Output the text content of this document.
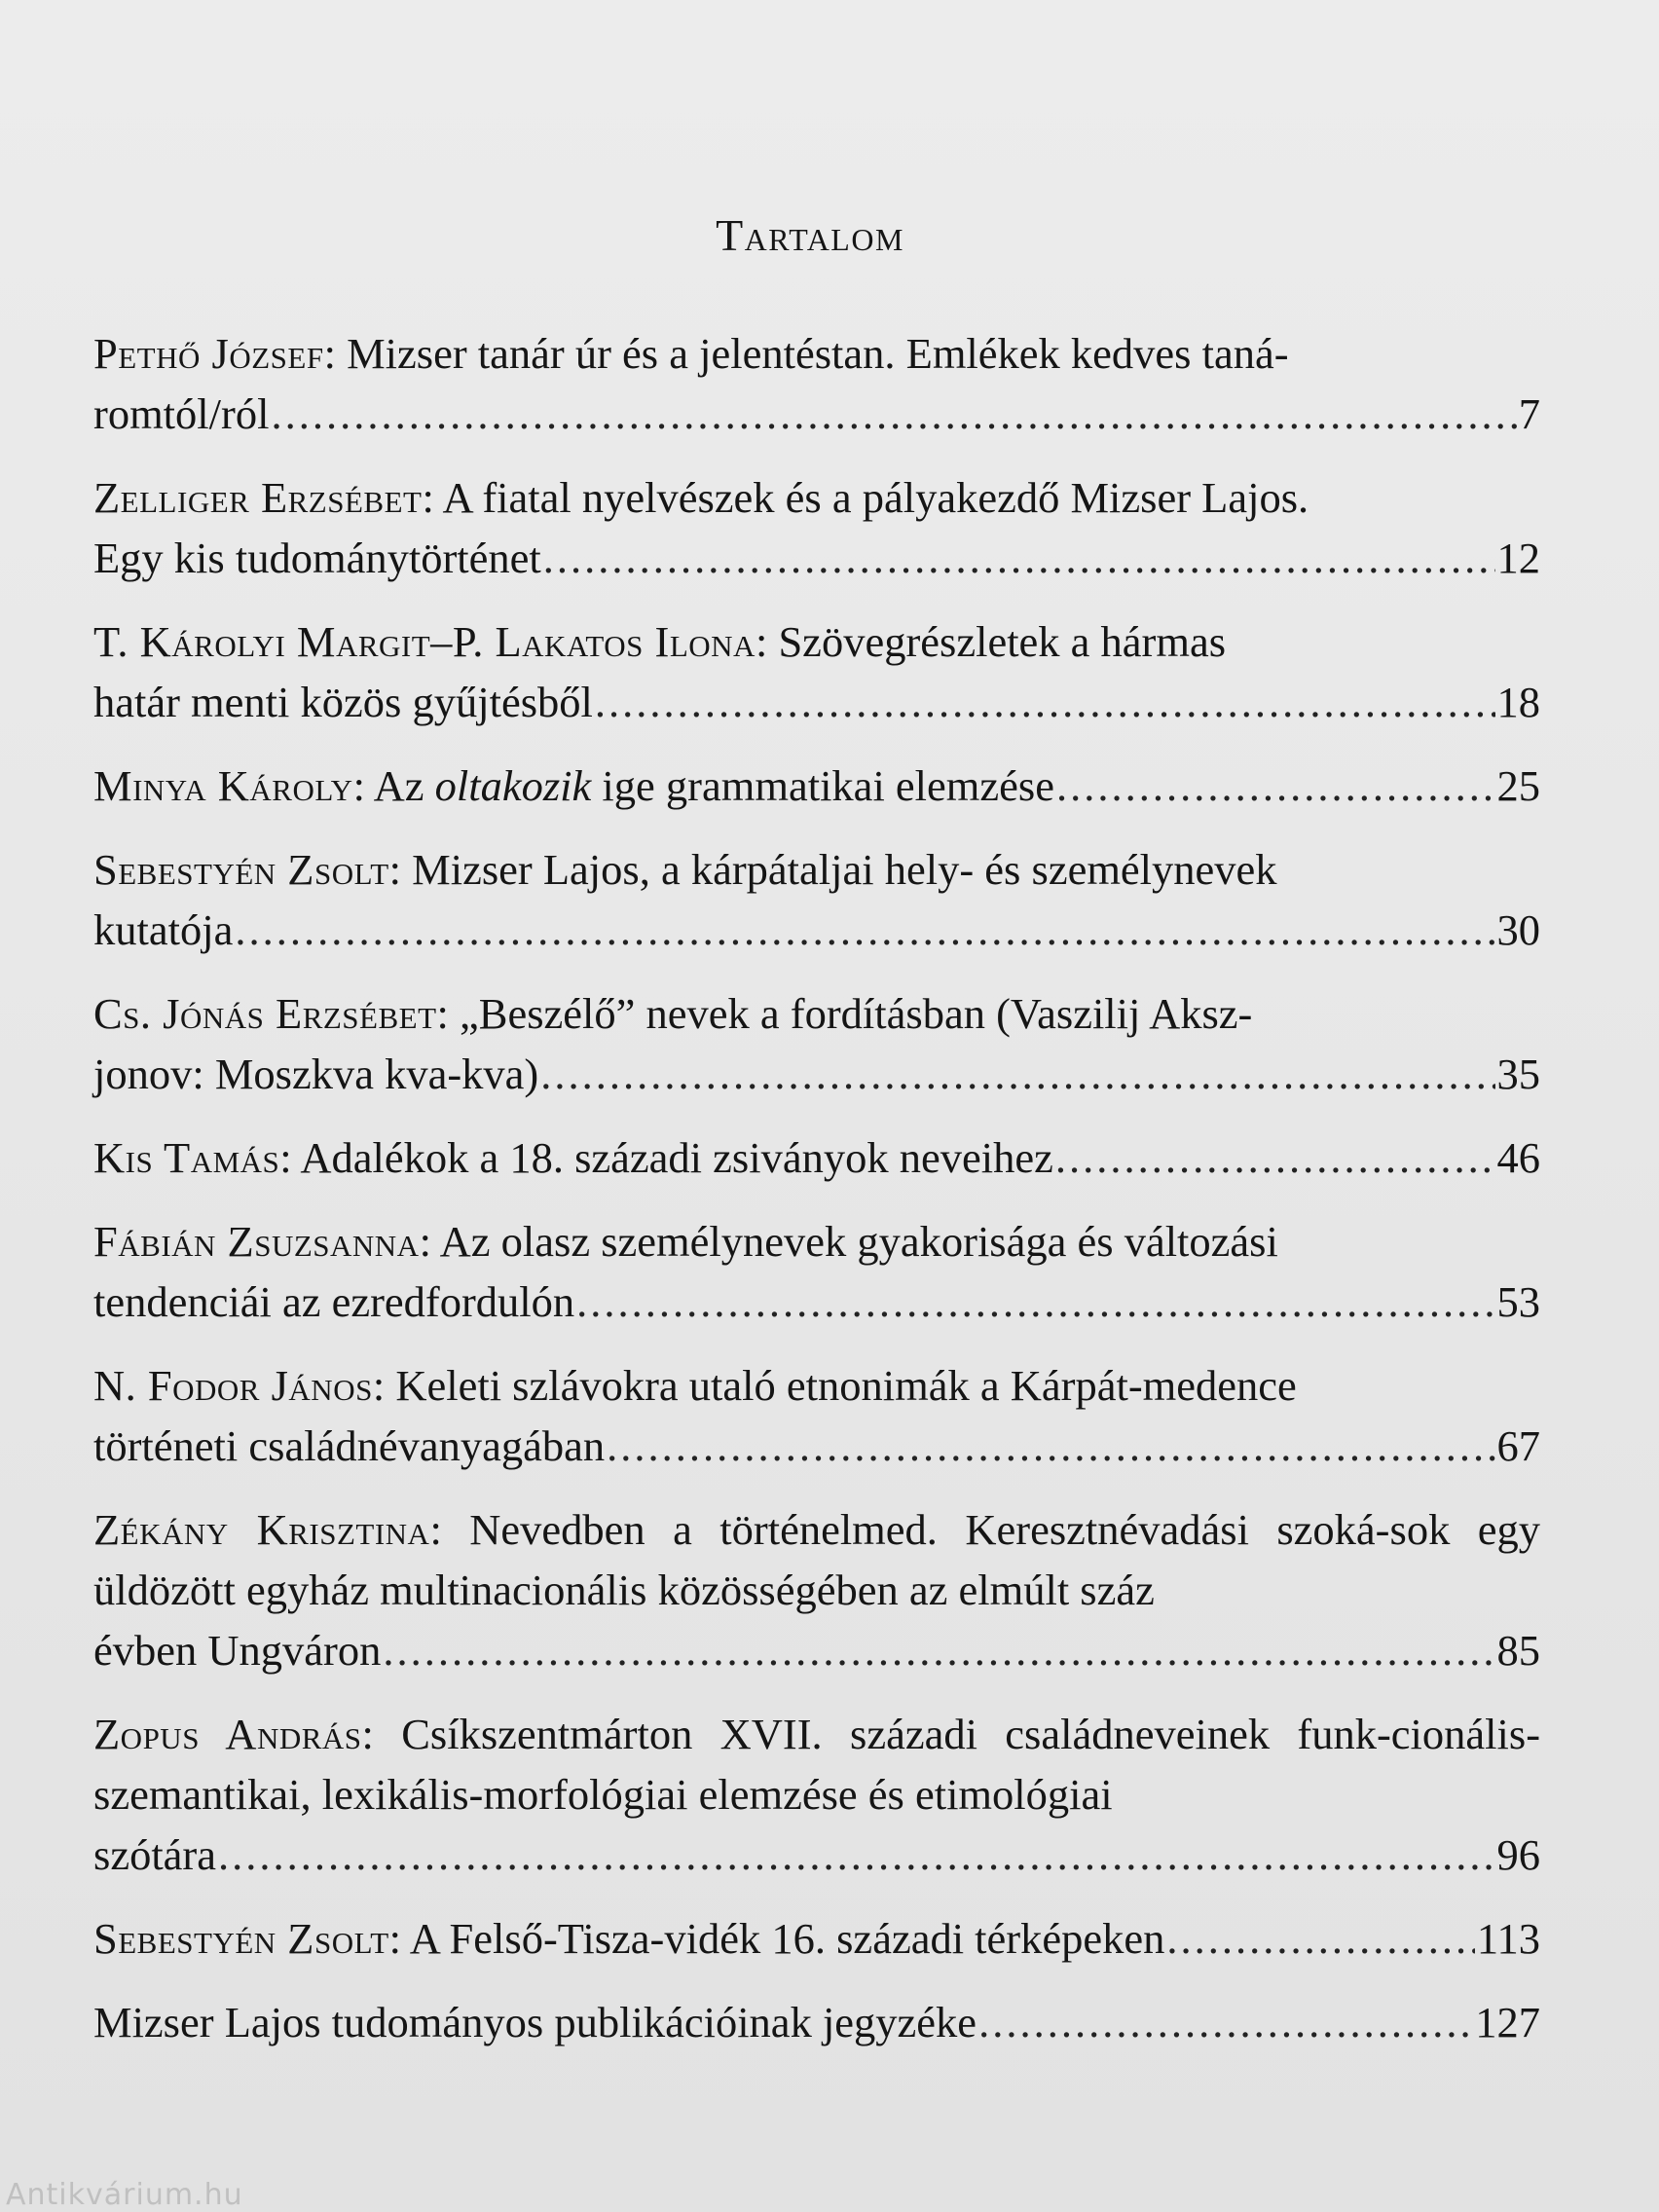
Tartalom
Pethő József: Mizser tanár úr és a jelentéstan. Emlékek kedves taná-
romtól/ról .....	7
Zelliger Erzsébet: A fiatal nyelvészek és a pályakezdő Mizser Lajos.
Egy kis tudománytörténet .....	12
T. Károlyi Margit–P. Lakatos Ilona: Szövegrészletek a hármas
határ menti közös gyűjtésből .....	18
Minya Károly: Az oltakozik ige grammatikai elemzése .....	25
Sebestyén Zsolt: Mizser Lajos, a kárpátaljai hely- és személynevek
kutatója .....	30
Cs. Jónás Erzsébet: „Beszélő” nevek a fordításban (Vaszilij Aksz-
jonov: Moszkva kva-kva) .....	35
Kis Tamás: Adalékok a 18. századi zsiványok neveihez .....	46
Fábián Zsuzsanna: Az olasz személynevek gyakorisága és változási
tendenciái az ezredfordulón .....	53
N. Fodor János: Keleti szlávokra utaló etnonimák a Kárpát-medence
történeti családnévanyagában .....	67
Zékány Krisztina: Nevedben a történelmed. Keresztnévadási szoká-sok egy üldözött egyház multinacionális közösségében az elmúlt száz
évben Ungváron .....	85
Zopus András: Csíkszentmárton XVII. századi családneveinek funk-cionális-szemantikai, lexikális-morfológiai elemzése és etimológiai
szótára .....	96
Sebestyén Zsolt: A Felső-Tisza-vidék 16. századi térképeken .....	113
Mizser Lajos tudományos publikációinak jegyzéke .....	127
Antikvárium.hu
